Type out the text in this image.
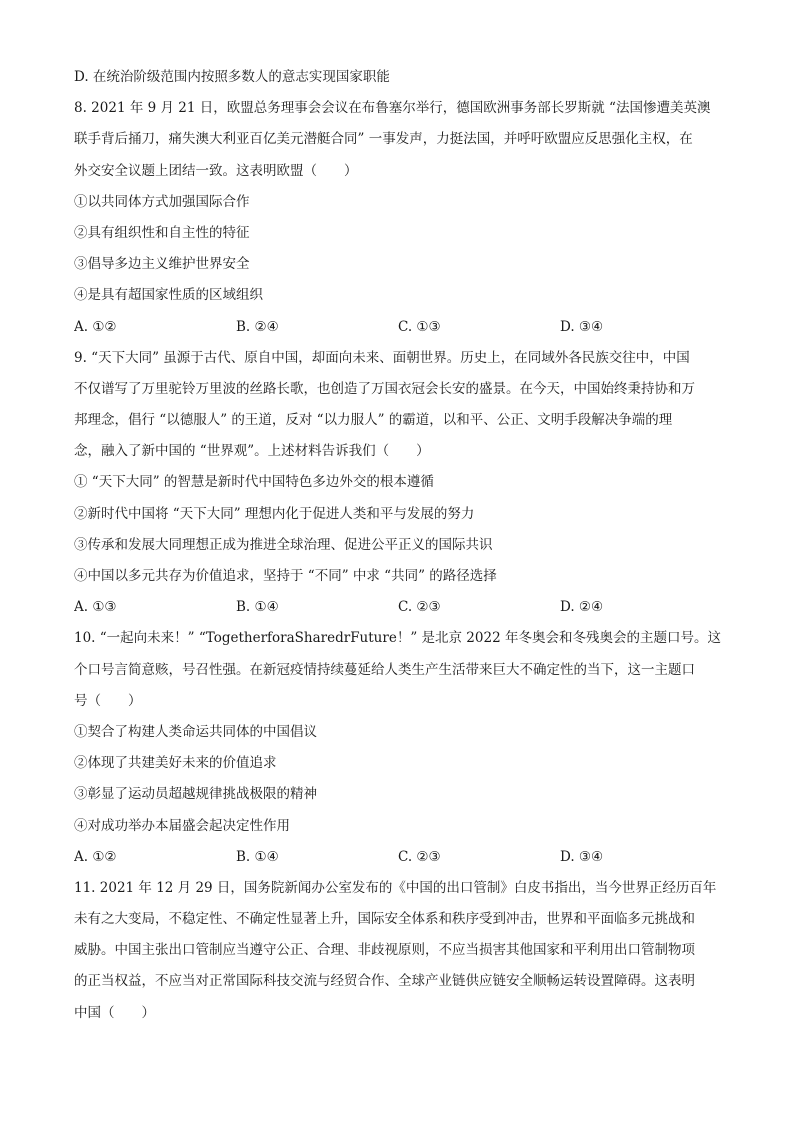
D. 在统治阶级范围内按照多数人的意志实现国家职能
8. 2021 年 9 月 21 日，欧盟总务理事会会议在布鲁塞尔举行，德国欧洲事务部长罗斯就 “法国惨遭美英澳
联手背后捅刀，痛失澳大利亚百亿美元潜艇合同” 一事发声，力挺法国，并呼吁欧盟应反思强化主权，在
外交安全议题上团结一致。这表明欧盟（　　）
①以共同体方式加强国际合作
②具有组织性和自主性的特征
③倡导多边主义维护世界安全
④是具有超国家性质的区域组织
A. ①②	B. ②④	C. ①③	D. ③④
9. “天下大同” 虽源于古代、原自中国，却面向未来、面朝世界。历史上，在同域外各民族交往中，中国
不仅谱写了万里驼铃万里波的丝路长歌，也创造了万国衣冠会长安的盛景。在今天，中国始终秉持协和万
邦理念，倡行 “以德服人” 的王道，反对 “以力服人” 的霸道，以和平、公正、文明手段解决争端的理
念，融入了新中国的 “世界观”。上述材料告诉我们（　　）
① “天下大同” 的智慧是新时代中国特色多边外交的根本遵循
②新时代中国将 “天下大同” 理想内化于促进人类和平与发展的努力
③传承和发展大同理想正成为推进全球治理、促进公平正义的国际共识
④中国以多元共存为价值追求，坚持于 “不同” 中求 “共同” 的路径选择
A. ①③	B. ①④	C. ②③	D. ②④
10. “一起向未来！” “TogetherforaSharedrFuture！” 是北京 2022 年冬奥会和冬残奥会的主题口号。这
个口号言简意赅，号召性强。在新冠疫情持续蔓延给人类生产生活带来巨大不确定性的当下，这一主题口
号（　　）
①契合了构建人类命运共同体的中国倡议
②体现了共建美好未来的价值追求
③彰显了运动员超越规律挑战极限的精神
④对成功举办本届盛会起决定性作用
A. ①②	B. ①④	C. ②③	D. ③④
11. 2021 年 12 月 29 日，国务院新闻办公室发布的《中国的出口管制》白皮书指出，当今世界正经历百年
未有之大变局，不稳定性、不确定性显著上升，国际安全体系和秩序受到冲击，世界和平面临多元挑战和
威胁。中国主张出口管制应当遵守公正、合理、非歧视原则，不应当损害其他国家和平利用出口管制物项
的正当权益，不应当对正常国际科技交流与经贸合作、全球产业链供应链安全顺畅运转设置障碍。这表明
中国（　　）
